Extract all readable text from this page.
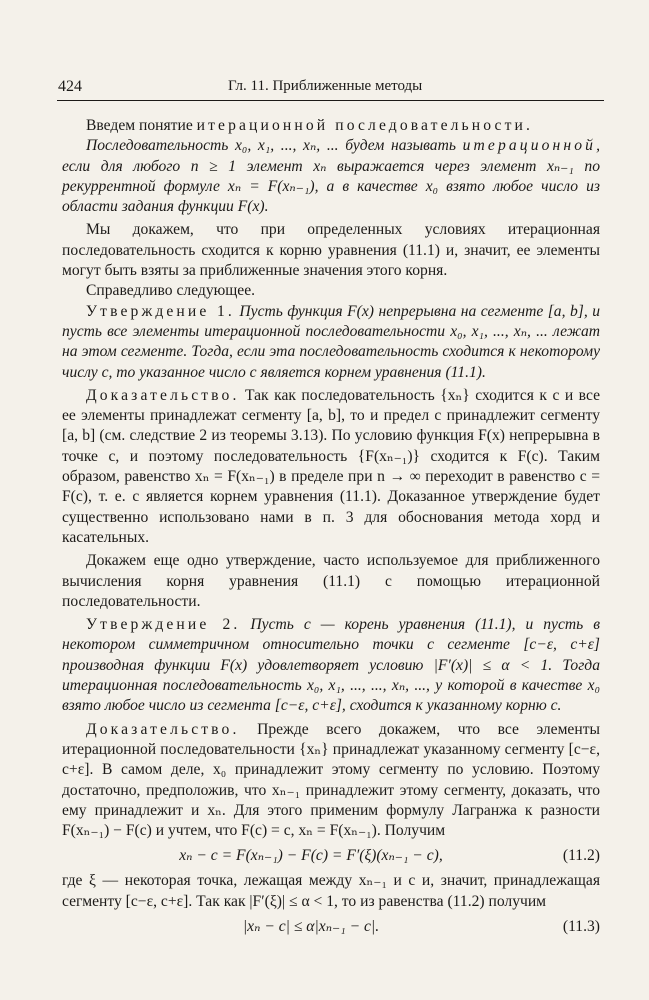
424	Гл. 11. Приближенные методы

Введем понятие итерационной последовательности.

Последовательность x₀, x₁, ..., xₙ, ... будем называть итерационной, если для любого n ≥ 1 элемент xₙ выражается через элемент xₙ₋₁ по рекуррентной формуле xₙ = F(xₙ₋₁), а в качестве x₀ взято любое число из области задания функции F(x).

Мы докажем, что при определенных условиях итерационная последовательность сходится к корню уравнения (11.1) и, значит, ее элементы могут быть взяты за приближенные значения этого корня.

Справедливо следующее.

Утверждение 1. Пусть функция F(x) непрерывна на сегменте [a, b], и пусть все элементы итерационной последовательности x₀, x₁, ..., xₙ, ... лежат на этом сегменте. Тогда, если эта последовательность сходится к некоторому числу c, то указанное число c является корнем уравнения (11.1).

Доказательство. Так как последовательность {xₙ} сходится к c и все ее элементы принадлежат сегменту [a, b], то и предел c принадлежит сегменту [a, b] (см. следствие 2 из теоремы 3.13). По условию функция F(x) непрерывна в точке c, и поэтому последовательность {F(xₙ₋₁)} сходится к F(c). Таким образом, равенство xₙ = F(xₙ₋₁) в пределе при n → ∞ переходит в равенство c = F(c), т. е. c является корнем уравнения (11.1). Доказанное утверждение будет существенно использовано нами в п. 3 для обоснования метода хорд и касательных.

Докажем еще одно утверждение, часто используемое для приближенного вычисления корня уравнения (11.1) с помощью итерационной последовательности.

Утверждение 2. Пусть c — корень уравнения (11.1), и пусть в некотором симметричном относительно точки c сегменте [c−ε, c+ε] производная функции F(x) удовлетворяет условию |F′(x)| ≤ α < 1. Тогда итерационная последовательность x₀, x₁, ..., ..., xₙ, ..., у которой в качестве x₀ взято любое число из сегмента [c−ε, c+ε], сходится к указанному корню c.

Доказательство. Прежде всего докажем, что все элементы итерационной последовательности {xₙ} принадлежат указанному сегменту [c−ε, c+ε]. В самом деле, x₀ принадлежит этому сегменту по условию. Поэтому достаточно, предположив, что xₙ₋₁ принадлежит этому сегменту, доказать, что ему принадлежит и xₙ. Для этого применим формулу Лагранжа к разности F(xₙ₋₁) − F(c) и учтем, что F(c) = c, xₙ = F(xₙ₋₁). Получим

xₙ − c = F(xₙ₋₁) − F(c) = F′(ξ)(xₙ₋₁ − c),	(11.2)

где ξ — некоторая точка, лежащая между xₙ₋₁ и c и, значит, принадлежащая сегменту [c−ε, c+ε]. Так как |F′(ξ)| ≤ α < 1, то из равенства (11.2) получим

|xₙ − c| ≤ α|xₙ₋₁ − c|.	(11.3)
